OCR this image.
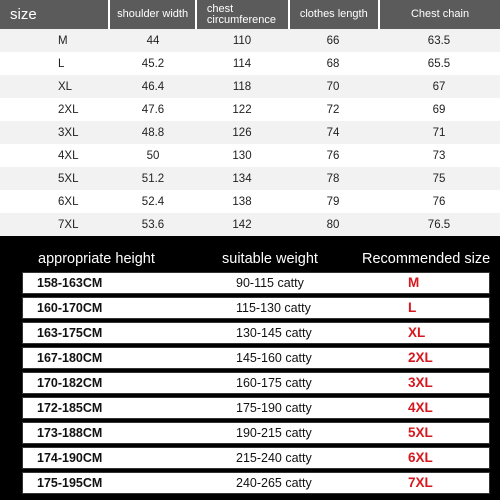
size	shoulder width	chest circumference	clothes length	Chest chain
M	44	110	66	63.5
L	45.2	114	68	65.5
XL	46.4	118	70	67
2XL	47.6	122	72	69
3XL	48.8	126	74	71
4XL	50	130	76	73
5XL	51.2	134	78	75
6XL	52.4	138	79	76
7XL	53.6	142	80	76.5
appropriate height	suitable weight	Recommended size
158-163CM	90-115 catty	M
160-170CM	115-130 catty	L
163-175CM	130-145 catty	XL
167-180CM	145-160 catty	2XL
170-182CM	160-175 catty	3XL
172-185CM	175-190 catty	4XL
173-188CM	190-215 catty	5XL
174-190CM	215-240 catty	6XL
175-195CM	240-265 catty	7XL
